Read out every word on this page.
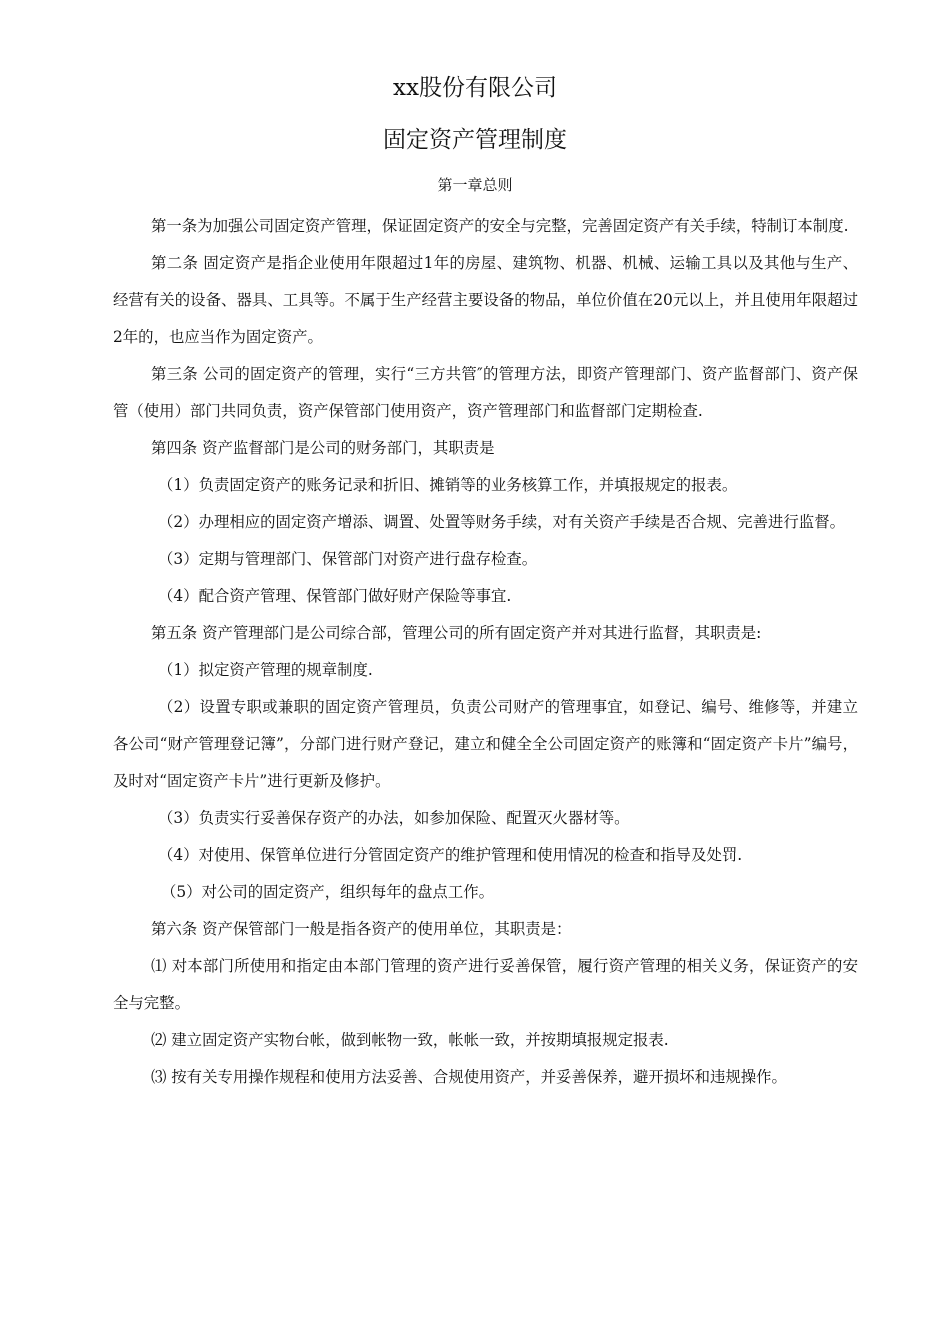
xx股份有限公司
固定资产管理制度
第一章总则

第一条为加强公司固定资产管理，保证固定资产的安全与完整，完善固定资产有关手续，特制订本制度.

第二条 固定资产是指企业使用年限超过1年的房屋、建筑物、机器、机械、运输工具以及其他与生产、经营有关的设备、器具、工具等。不属于生产经营主要设备的物品，单位价值在20元以上，并且使用年限超过2年的，也应当作为固定资产。

第三条 公司的固定资产的管理，实行“三方共管″的管理方法，即资产管理部门、资产监督部门、资产保管（使用）部门共同负责，资产保管部门使用资产，资产管理部门和监督部门定期检查.

第四条 资产监督部门是公司的财务部门，其职责是

（1）负责固定资产的账务记录和折旧、摊销等的业务核算工作，并填报规定的报表。

（2）办理相应的固定资产增添、调置、处置等财务手续，对有关资产手续是否合规、完善进行监督。

（3）定期与管理部门、保管部门对资产进行盘存检查。

（4）配合资产管理、保管部门做好财产保险等事宜.

第五条 资产管理部门是公司综合部，管理公司的所有固定资产并对其进行监督，其职责是:

（1）拟定资产管理的规章制度.

（2）设置专职或兼职的固定资产管理员，负责公司财产的管理事宜，如登记、编号、维修等，并建立各公司“财产管理登记簿”，分部门进行财产登记，建立和健全全公司固定资产的账簿和“固定资产卡片”编号，及时对“固定资产卡片”进行更新及修护。

（3）负责实行妥善保存资产的办法，如参加保险、配置灭火器材等。

（4）对使用、保管单位进行分管固定资产的维护管理和使用情况的检查和指导及处罚.

（5）对公司的固定资产，组织每年的盘点工作。

第六条 资产保管部门一般是指各资产的使用单位，其职责是：

⑴ 对本部门所使用和指定由本部门管理的资产进行妥善保管，履行资产管理的相关义务，保证资产的安全与完整。

⑵ 建立固定资产实物台帐，做到帐物一致，帐帐一致，并按期填报规定报表.

⑶ 按有关专用操作规程和使用方法妥善、合规使用资产，并妥善保养，避开损坏和违规操作。
